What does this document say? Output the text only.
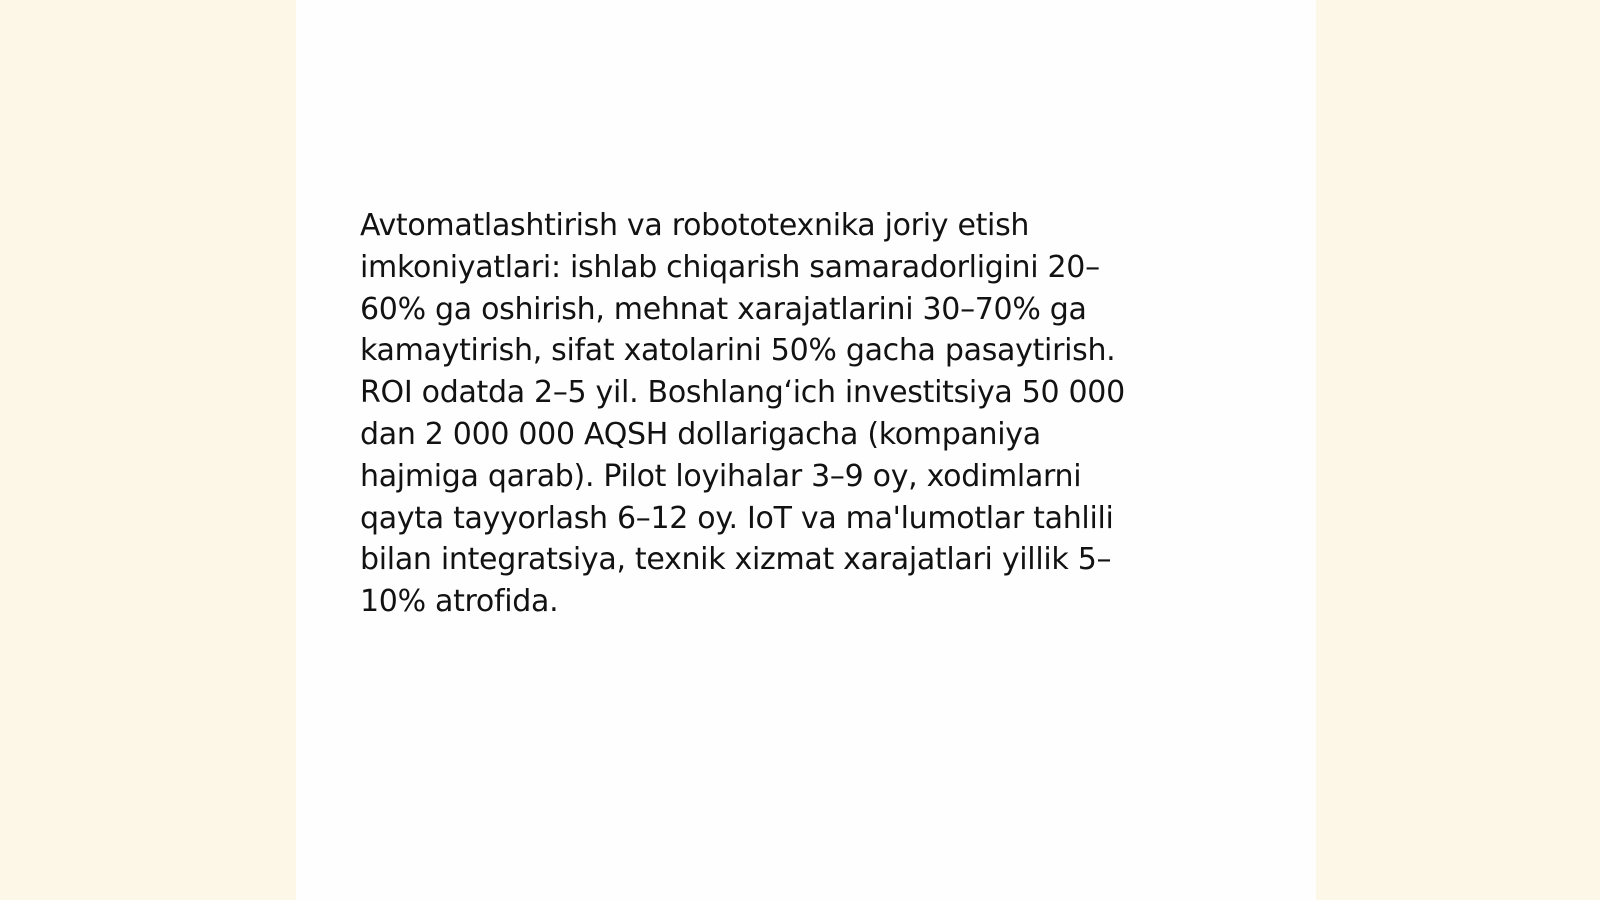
Avtomatlashtirish va robototexnika joriy etish
imkoniyatlari: ishlab chiqarish samaradorligini 20–
60% ga oshirish, mehnat xarajatlarini 30–70% ga
kamaytirish, sifat xatolarini 50% gacha pasaytirish.
ROI odatda 2–5 yil. Boshlang‘ich investitsiya 50 000
dan 2 000 000 AQSH dollarigacha (kompaniya
hajmiga qarab). Pilot loyihalar 3–9 oy, xodimlarni
qayta tayyorlash 6–12 oy. IoT va ma'lumotlar tahlili
bilan integratsiya, texnik xizmat xarajatlari yillik 5–
10% atrofida.
